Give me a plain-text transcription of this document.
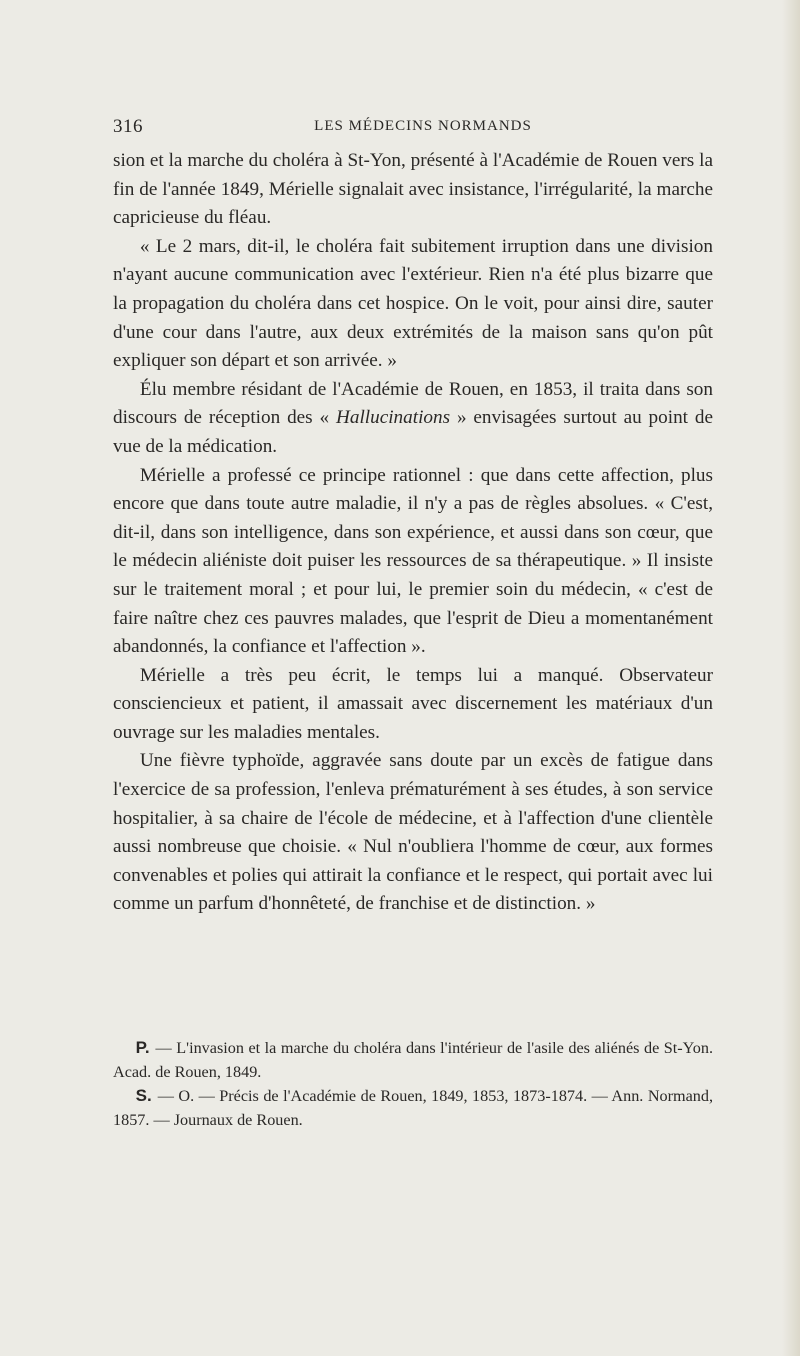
316	LES MÉDECINS NORMANDS

sion et la marche du choléra à St-Yon, présenté à l'Académie de Rouen vers la fin de l'année 1849, Mérielle signalait avec insistance, l'irrégularité, la marche capricieuse du fléau.

« Le 2 mars, dit-il, le choléra fait subitement irruption dans une division n'ayant aucune communication avec l'extérieur. Rien n'a été plus bizarre que la propagation du choléra dans cet hospice. On le voit, pour ainsi dire, sauter d'une cour dans l'autre, aux deux extrémités de la maison sans qu'on pût expliquer son départ et son arrivée. »

Élu membre résidant de l'Académie de Rouen, en 1853, il traita dans son discours de réception des « Hallucinations » envisagées surtout au point de vue de la médication.

Mérielle a professé ce principe rationnel : que dans cette affection, plus encore que dans toute autre maladie, il n'y a pas de règles absolues. « C'est, dit-il, dans son intelligence, dans son expérience, et aussi dans son cœur, que le médecin aliéniste doit puiser les ressources de sa thérapeutique. » Il insiste sur le traitement moral ; et pour lui, le premier soin du médecin, « c'est de faire naître chez ces pauvres malades, que l'esprit de Dieu a momentanément abandonnés, la confiance et l'affection ».

Mérielle a très peu écrit, le temps lui a manqué. Observateur consciencieux et patient, il amassait avec discernement les matériaux d'un ouvrage sur les maladies mentales.

Une fièvre typhoïde, aggravée sans doute par un excès de fatigue dans l'exercice de sa profession, l'enleva prématurément à ses études, à son service hospitalier, à sa chaire de l'école de médecine, et à l'affection d'une clientèle aussi nombreuse que choisie. « Nul n'oubliera l'homme de cœur, aux formes convenables et polies qui attirait la confiance et le respect, qui portait avec lui comme un parfum d'honnêteté, de franchise et de distinction. »

P. — L'invasion et la marche du choléra dans l'intérieur de l'asile des aliénés de St-Yon. Acad. de Rouen, 1849.

S. — O. — Précis de l'Académie de Rouen, 1849, 1853, 1873-1874. — Ann. Normand, 1857. — Journaux de Rouen.
